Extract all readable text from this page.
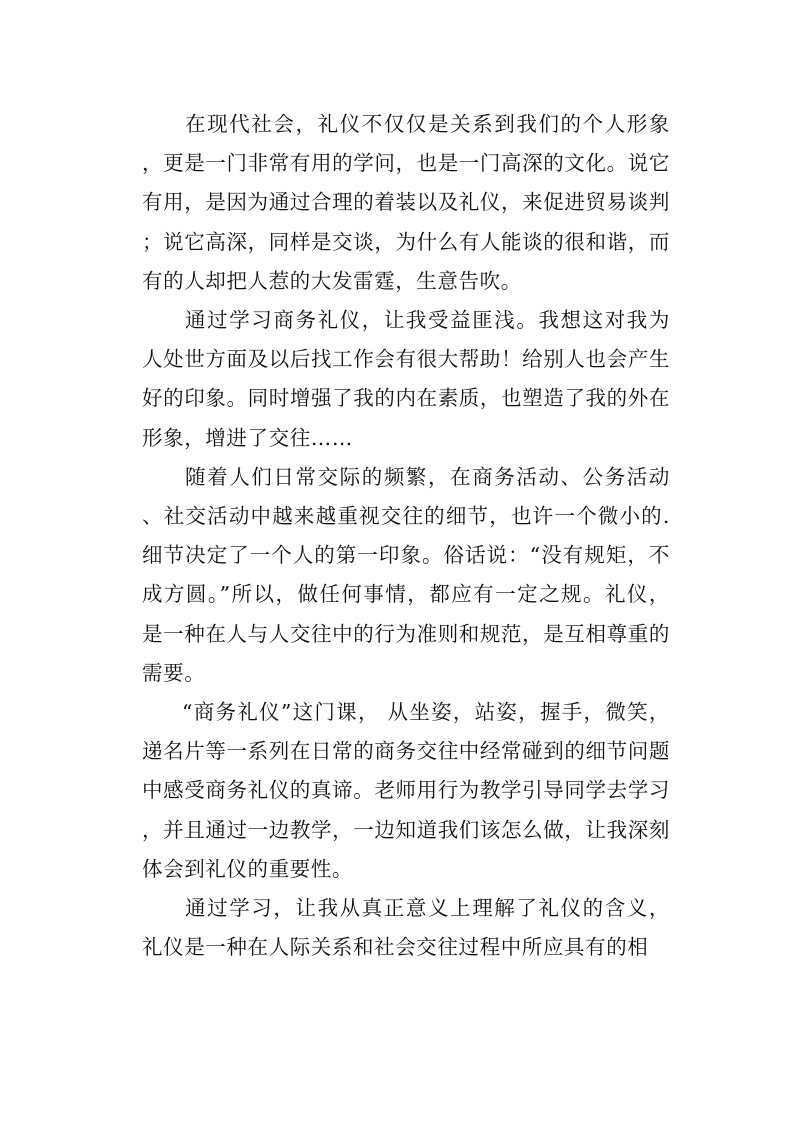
在现代社会，礼仪不仅仅是关系到我们的个人形象，更是一门非常有用的学问，也是一门高深的文化。说它有用，是因为通过合理的着装以及礼仪，来促进贸易谈判；说它高深，同样是交谈，为什么有人能谈的很和谐，而有的人却把人惹的大发雷霆，生意告吹。

通过学习商务礼仪，让我受益匪浅。我想这对我为人处世方面及以后找工作会有很大帮助！给别人也会产生好的印象。同时增强了我的内在素质，也塑造了我的外在形象，增进了交往……

随着人们日常交际的频繁，在商务活动、公务活动、社交活动中越来越重视交往的细节，也许一个微小的.细节决定了一个人的第一印象。俗话说：“没有规矩，不成方圆。”所以，做任何事情，都应有一定之规。礼仪，是一种在人与人交往中的行为准则和规范，是互相尊重的需要。

“商务礼仪”这门课， 从坐姿，站姿，握手，微笑，递名片等一系列在日常的商务交往中经常碰到的细节问题中感受商务礼仪的真谛。老师用行为教学引导同学去学习，并且通过一边教学，一边知道我们该怎么做，让我深刻体会到礼仪的重要性。

通过学习，让我从真正意义上理解了礼仪的含义，礼仪是一种在人际关系和社会交往过程中所应具有的相
